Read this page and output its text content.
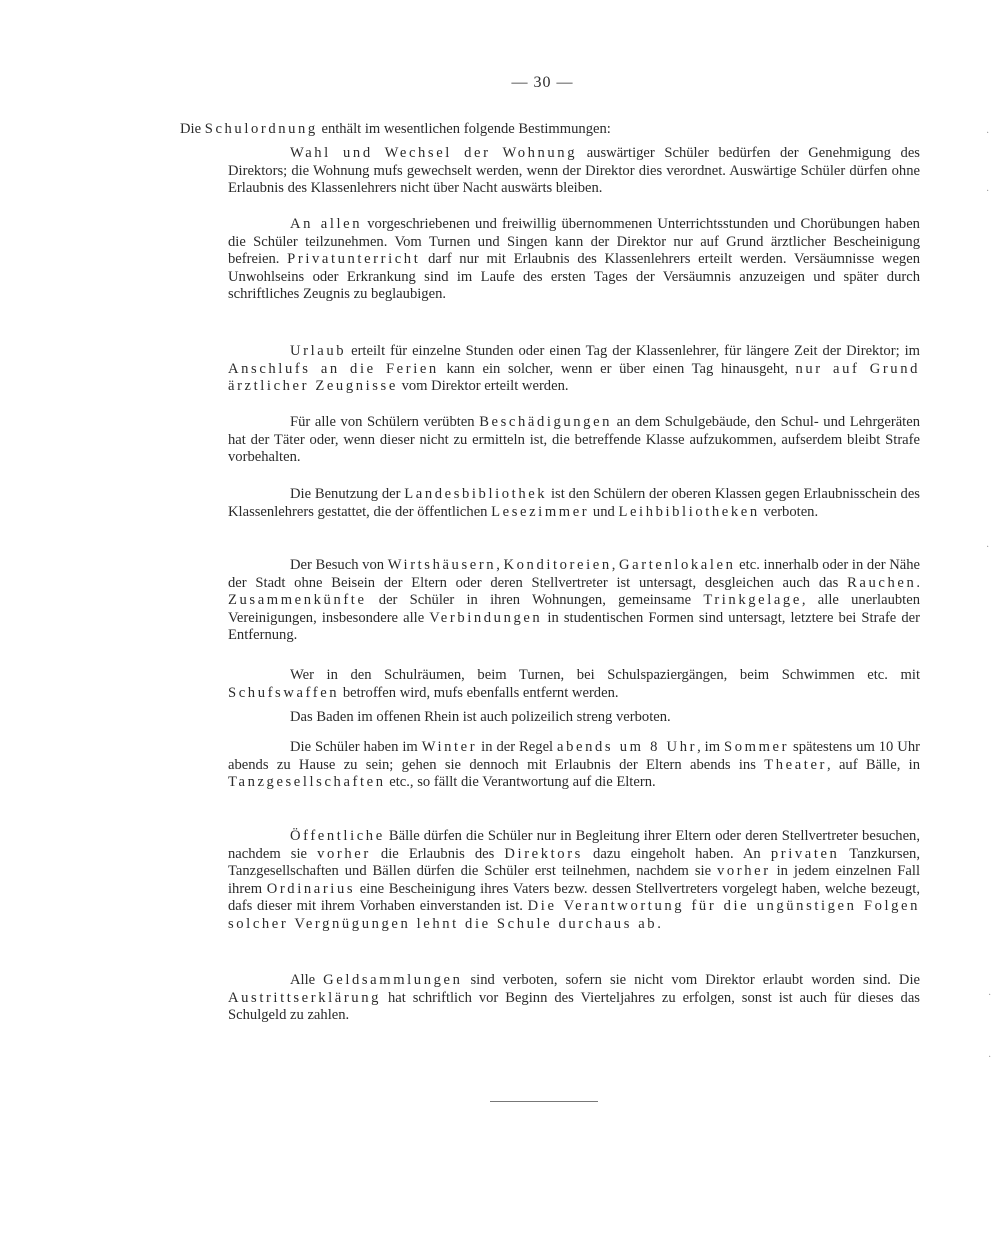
— 30 —
Die Schulordnung enthält im wesentlichen folgende Bestimmungen:

Wahl und Wechsel der Wohnung auswärtiger Schüler bedürfen der Genehmigung des Direktors; die Wohnung mufs gewechselt werden, wenn der Direktor dies verordnet. Auswärtige Schüler dürfen ohne Erlaubnis des Klassenlehrers nicht über Nacht auswärts bleiben.

An allen vorgeschriebenen und freiwillig übernommenen Unterrichtsstunden und Chorübungen haben die Schüler teilzunehmen. Vom Turnen und Singen kann der Direktor nur auf Grund ärztlicher Bescheinigung befreien. Privatunterricht darf nur mit Erlaubnis des Klassenlehrers erteilt werden. Versäumnisse wegen Unwohlseins oder Erkrankung sind im Laufe des ersten Tages der Versäumnis anzuzeigen und später durch schriftliches Zeugnis zu beglaubigen.

Urlaub erteilt für einzelne Stunden oder einen Tag der Klassenlehrer, für längere Zeit der Direktor; im Anschlufs an die Ferien kann ein solcher, wenn er über einen Tag hinausgeht, nur auf Grund ärztlicher Zeugnisse vom Direktor erteilt werden.

Für alle von Schülern verübten Beschädigungen an dem Schulgebäude, den Schul- und Lehrgeräten hat der Täter oder, wenn dieser nicht zu ermitteln ist, die betreffende Klasse aufzukommen, aufserdem bleibt Strafe vorbehalten.

Die Benutzung der Landesbibliothek ist den Schülern der oberen Klassen gegen Erlaubnisschein des Klassenlehrers gestattet, die der öffentlichen Lesezimmer und Leihbibliotheken verboten.

Der Besuch von Wirtshäusern, Konditoreien, Gartenlokalen etc. innerhalb oder in der Nähe der Stadt ohne Beisein der Eltern oder deren Stellvertreter ist untersagt, desgleichen auch das Rauchen. Zusammenkünfte der Schüler in ihren Wohnungen, gemeinsame Trinkgelage, alle unerlaubten Vereinigungen, insbesondere alle Verbindungen in studentischen Formen sind untersagt, letztere bei Strafe der Entfernung.

Wer in den Schulräumen, beim Turnen, bei Schulspaziergängen, beim Schwimmen etc. mit Schufswaffen betroffen wird, mufs ebenfalls entfernt werden.

Das Baden im offenen Rhein ist auch polizeilich streng verboten.

Die Schüler haben im Winter in der Regel abends um 8 Uhr, im Sommer spätestens um 10 Uhr abends zu Hause zu sein; gehen sie dennoch mit Erlaubnis der Eltern abends ins Theater, auf Bälle, in Tanzgesellschaften etc., so fällt die Verantwortung auf die Eltern.

Öffentliche Bälle dürfen die Schüler nur in Begleitung ihrer Eltern oder deren Stellvertreter besuchen, nachdem sie vorher die Erlaubnis des Direktors dazu eingeholt haben. An privaten Tanzkursen, Tanzgesellschaften und Bällen dürfen die Schüler erst teilnehmen, nachdem sie vorher in jedem einzelnen Fall ihrem Ordinarius eine Bescheinigung ihres Vaters bezw. dessen Stellvertreters vorgelegt haben, welche bezeugt, dafs dieser mit ihrem Vorhaben einverstanden ist. Die Verantwortung für die ungünstigen Folgen solcher Vergnügungen lehnt die Schule durchaus ab.

Alle Geldsammlungen sind verboten, sofern sie nicht vom Direktor erlaubt worden sind. Die Austrittserklärung hat schriftlich vor Beginn des Vierteljahres zu erfolgen, sonst ist auch für dieses das Schulgeld zu zahlen.

·
·
·
·
·
